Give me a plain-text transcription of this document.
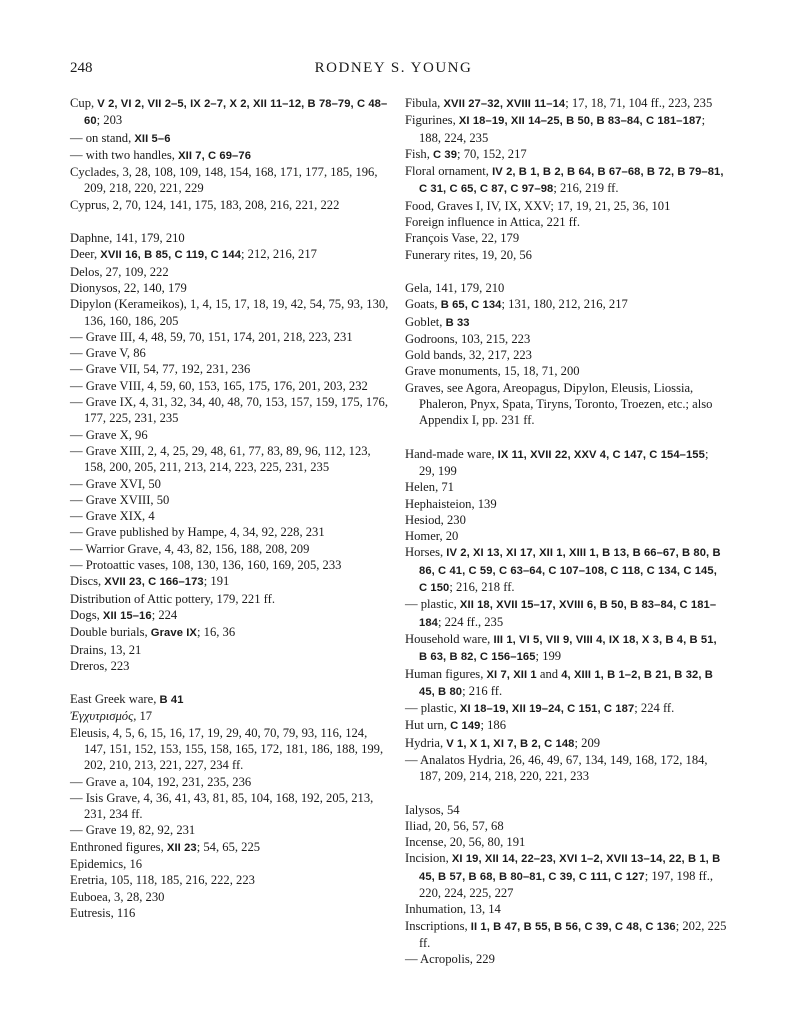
248	RODNEY S. YOUNG
Cup, V 2, VI 2, VII 2–5, IX 2–7, X 2, XII 11–12, B 78–79, C 48–60; 203
— on stand, XII 5–6
— with two handles, XII 7, C 69–76
Cyclades, 3, 28, 108, 109, 148, 154, 168, 171, 177, 185, 196, 209, 218, 220, 221, 229
Cyprus, 2, 70, 124, 141, 175, 183, 208, 216, 221, 222
Daphne, 141, 179, 210
Deer, XVII 16, B 85, C 119, C 144; 212, 216, 217
Delos, 27, 109, 222
Dionysos, 22, 140, 179
Dipylon (Kerameikos), 1, 4, 15, 17, 18, 19, 42, 54, 75, 93, 130, 136, 160, 186, 205
— Grave III, 4, 48, 59, 70, 151, 174, 201, 218, 223, 231
— Grave V, 86
— Grave VII, 54, 77, 192, 231, 236
— Grave VIII, 4, 59, 60, 153, 165, 175, 176, 201, 203, 232
— Grave IX, 4, 31, 32, 34, 40, 48, 70, 153, 157, 159, 175, 176, 177, 225, 231, 235
— Grave X, 96
— Grave XIII, 2, 4, 25, 29, 48, 61, 77, 83, 89, 96, 112, 123, 158, 200, 205, 211, 213, 214, 223, 225, 231, 235
— Grave XVI, 50
— Grave XVIII, 50
— Grave XIX, 4
— Grave published by Hampe, 4, 34, 92, 228, 231
— Warrior Grave, 4, 43, 82, 156, 188, 208, 209
— Protoattic vases, 108, 130, 136, 160, 169, 205, 233
Discs, XVII 23, C 166–173; 191
Distribution of Attic pottery, 179, 221 ff.
Dogs, XII 15–16; 224
Double burials, Grave IX; 16, 36
Drains, 13, 21
Dreros, 223
East Greek ware, B 41
Ἐγχυτρισμός, 17
Eleusis, 4, 5, 6, 15, 16, 17, 19, 29, 40, 70, 79, 93, 116, 124, 147, 151, 152, 153, 155, 158, 165, 172, 181, 186, 188, 199, 202, 210, 213, 221, 227, 234 ff.
— Grave a, 104, 192, 231, 235, 236
— Isis Grave, 4, 36, 41, 43, 81, 85, 104, 168, 192, 205, 213, 231, 234 ff.
— Grave 19, 82, 92, 231
Enthroned figures, XII 23; 54, 65, 225
Epidemics, 16
Eretria, 105, 118, 185, 216, 222, 223
Euboea, 3, 28, 230
Eutresis, 116
Fibula, XVII 27–32, XVIII 11–14; 17, 18, 71, 104 ff., 223, 235
Figurines, XI 18–19, XII 14–25, B 50, B 83–84, C 181–187; 188, 224, 235
Fish, C 39; 70, 152, 217
Floral ornament, IV 2, B 1, B 2, B 64, B 67–68, B 72, B 79–81, C 31, C 65, C 87, C 97–98; 216, 219 ff.
Food, Graves I, IV, IX, XXV; 17, 19, 21, 25, 36, 101
Foreign influence in Attica, 221 ff.
François Vase, 22, 179
Funerary rites, 19, 20, 56
Gela, 141, 179, 210
Goats, B 65, C 134; 131, 180, 212, 216, 217
Goblet, B 33
Godroons, 103, 215, 223
Gold bands, 32, 217, 223
Grave monuments, 15, 18, 71, 200
Graves, see Agora, Areopagus, Dipylon, Eleusis, Liossia, Phaleron, Pnyx, Spata, Tiryns, Toronto, Troezen, etc.; also Appendix I, pp. 231 ff.
Hand-made ware, IX 11, XVII 22, XXV 4, C 147, C 154–155; 29, 199
Helen, 71
Hephaisteion, 139
Hesiod, 230
Homer, 20
Horses, IV 2, XI 13, XI 17, XII 1, XIII 1, B 13, B 66–67, B 80, B 86, C 41, C 59, C 63–64, C 107–108, C 118, C 134, C 145, C 150; 216, 218 ff.
— plastic, XII 18, XVII 15–17, XVIII 6, B 50, B 83–84, C 181–184; 224 ff., 235
Household ware, III 1, VI 5, VII 9, VIII 4, IX 18, X 3, B 4, B 51, B 63, B 82, C 156–165; 199
Human figures, XI 7, XII 1 and 4, XIII 1, B 1–2, B 21, B 32, B 45, B 80; 216 ff.
— plastic, XI 18–19, XII 19–24, C 151, C 187; 224 ff.
Hut urn, C 149; 186
Hydria, V 1, X 1, XI 7, B 2, C 148; 209
— Analatos Hydria, 26, 46, 49, 67, 134, 149, 168, 172, 184, 187, 209, 214, 218, 220, 221, 233
Ialysos, 54
Iliad, 20, 56, 57, 68
Incense, 20, 56, 80, 191
Incision, XI 19, XII 14, 22–23, XVI 1–2, XVII 13–14, 22, B 1, B 45, B 57, B 68, B 80–81, C 39, C 111, C 127; 197, 198 ff., 220, 224, 225, 227
Inhumation, 13, 14
Inscriptions, II 1, B 47, B 55, B 56, C 39, C 48, C 136; 202, 225 ff.
— Acropolis, 229
